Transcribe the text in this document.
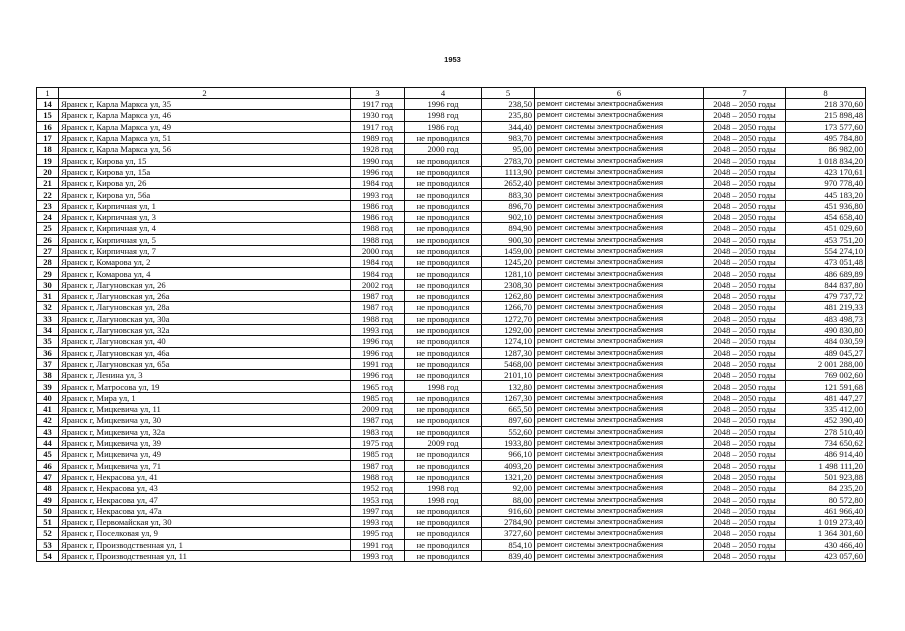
1953
1	2	3	4	5	6	7	8
14	Яранск г, Карла Маркса ул, 35	1917 год	1996 год	238,50	ремонт системы электроснабжения	2048 – 2050 годы	218 370,60
15	Яранск г, Карла Маркса ул, 46	1930 год	1998 год	235,80	ремонт системы электроснабжения	2048 – 2050 годы	215 898,48
16	Яранск г, Карла Маркса ул, 49	1917 год	1986 год	344,40	ремонт системы электроснабжения	2048 – 2050 годы	173 577,60
17	Яранск г, Карла Маркса ул, 51	1989 год	не проводился	983,70	ремонт системы электроснабжения	2048 – 2050 годы	495 784,80
18	Яранск г, Карла Маркса ул, 56	1928 год	2000 год	95,00	ремонт системы электроснабжения	2048 – 2050 годы	86 982,00
19	Яранск г, Кирова ул, 15	1990 год	не проводился	2783,70	ремонт системы электроснабжения	2048 – 2050 годы	1 018 834,20
20	Яранск г, Кирова ул, 15а	1996 год	не проводился	1113,90	ремонт системы электроснабжения	2048 – 2050 годы	423 170,61
21	Яранск г, Кирова ул, 26	1984 год	не проводился	2652,40	ремонт системы электроснабжения	2048 – 2050 годы	970 778,40
22	Яранск г, Кирова ул, 56а	1993 год	не проводился	883,30	ремонт системы электроснабжения	2048 – 2050 годы	445 183,20
23	Яранск г, Кирпичная ул, 1	1986 год	не проводился	896,70	ремонт системы электроснабжения	2048 – 2050 годы	451 936,80
24	Яранск г, Кирпичная ул, 3	1986 год	не проводился	902,10	ремонт системы электроснабжения	2048 – 2050 годы	454 658,40
25	Яранск г, Кирпичная ул, 4	1988 год	не проводился	894,90	ремонт системы электроснабжения	2048 – 2050 годы	451 029,60
26	Яранск г, Кирпичная ул, 5	1988 год	не проводился	900,30	ремонт системы электроснабжения	2048 – 2050 годы	453 751,20
27	Яранск г, Кирпичная ул, 7	2000 год	не проводился	1459,00	ремонт системы электроснабжения	2048 – 2050 годы	554 274,10
28	Яранск г, Комарова ул, 2	1984 год	не проводился	1245,20	ремонт системы электроснабжения	2048 – 2050 годы	473 051,48
29	Яранск г, Комарова ул, 4	1984 год	не проводился	1281,10	ремонт системы электроснабжения	2048 – 2050 годы	486 689,89
30	Яранск г, Лагуновская ул, 26	2002 год	не проводился	2308,30	ремонт системы электроснабжения	2048 – 2050 годы	844 837,80
31	Яранск г, Лагуновская ул, 26а	1987 год	не проводился	1262,80	ремонт системы электроснабжения	2048 – 2050 годы	479 737,72
32	Яранск г, Лагуновская ул, 28а	1987 год	не проводился	1266,70	ремонт системы электроснабжения	2048 – 2050 годы	481 219,33
33	Яранск г, Лагуновская ул, 30а	1988 год	не проводился	1272,70	ремонт системы электроснабжения	2048 – 2050 годы	483 498,73
34	Яранск г, Лагуновская ул, 32а	1993 год	не проводился	1292,00	ремонт системы электроснабжения	2048 – 2050 годы	490 830,80
35	Яранск г, Лагуновская ул, 40	1996 год	не проводился	1274,10	ремонт системы электроснабжения	2048 – 2050 годы	484 030,59
36	Яранск г, Лагуновская ул, 46а	1996 год	не проводился	1287,30	ремонт системы электроснабжения	2048 – 2050 годы	489 045,27
37	Яранск г, Лагуновская ул, 65а	1991 год	не проводился	5468,00	ремонт системы электроснабжения	2048 – 2050 годы	2 001 288,00
38	Яранск г, Ленина ул, 3	1996 год	не проводился	2101,10	ремонт системы электроснабжения	2048 – 2050 годы	769 002,60
39	Яранск г, Матросова ул, 19	1965 год	1998 год	132,80	ремонт системы электроснабжения	2048 – 2050 годы	121 591,68
40	Яранск г, Мира ул, 1	1985 год	не проводился	1267,30	ремонт системы электроснабжения	2048 – 2050 годы	481 447,27
41	Яранск г, Мицкевича ул, 11	2009 год	не проводился	665,50	ремонт системы электроснабжения	2048 – 2050 годы	335 412,00
42	Яранск г, Мицкевича ул, 30	1987 год	не проводился	897,60	ремонт системы электроснабжения	2048 – 2050 годы	452 390,40
43	Яранск г, Мицкевича ул, 32а	1983 год	не проводился	552,60	ремонт системы электроснабжения	2048 – 2050 годы	278 510,40
44	Яранск г, Мицкевича ул, 39	1975 год	2009 год	1933,80	ремонт системы электроснабжения	2048 – 2050 годы	734 650,62
45	Яранск г, Мицкевича ул, 49	1985 год	не проводился	966,10	ремонт системы электроснабжения	2048 – 2050 годы	486 914,40
46	Яранск г, Мицкевича ул, 71	1987 год	не проводился	4093,20	ремонт системы электроснабжения	2048 – 2050 годы	1 498 111,20
47	Яранск г, Некрасова ул, 41	1988 год	не проводился	1321,20	ремонт системы электроснабжения	2048 – 2050 годы	501 923,88
48	Яранск г, Некрасова ул, 43	1952 год	1998 год	92,00	ремонт системы электроснабжения	2048 – 2050 годы	84 235,20
49	Яранск г, Некрасова ул, 47	1953 год	1998 год	88,00	ремонт системы электроснабжения	2048 – 2050 годы	80 572,80
50	Яранск г, Некрасова ул, 47а	1997 год	не проводился	916,60	ремонт системы электроснабжения	2048 – 2050 годы	461 966,40
51	Яранск г, Первомайская ул, 30	1993 год	не проводился	2784,90	ремонт системы электроснабжения	2048 – 2050 годы	1 019 273,40
52	Яранск г, Поселковая ул, 9	1995 год	не проводился	3727,60	ремонт системы электроснабжения	2048 – 2050 годы	1 364 301,60
53	Яранск г, Производственная ул, 1	1991 год	не проводился	854,10	ремонт системы электроснабжения	2048 – 2050 годы	430 466,40
54	Яранск г, Производственная ул, 11	1993 год	не проводился	839,40	ремонт системы электроснабжения	2048 – 2050 годы	423 057,60
